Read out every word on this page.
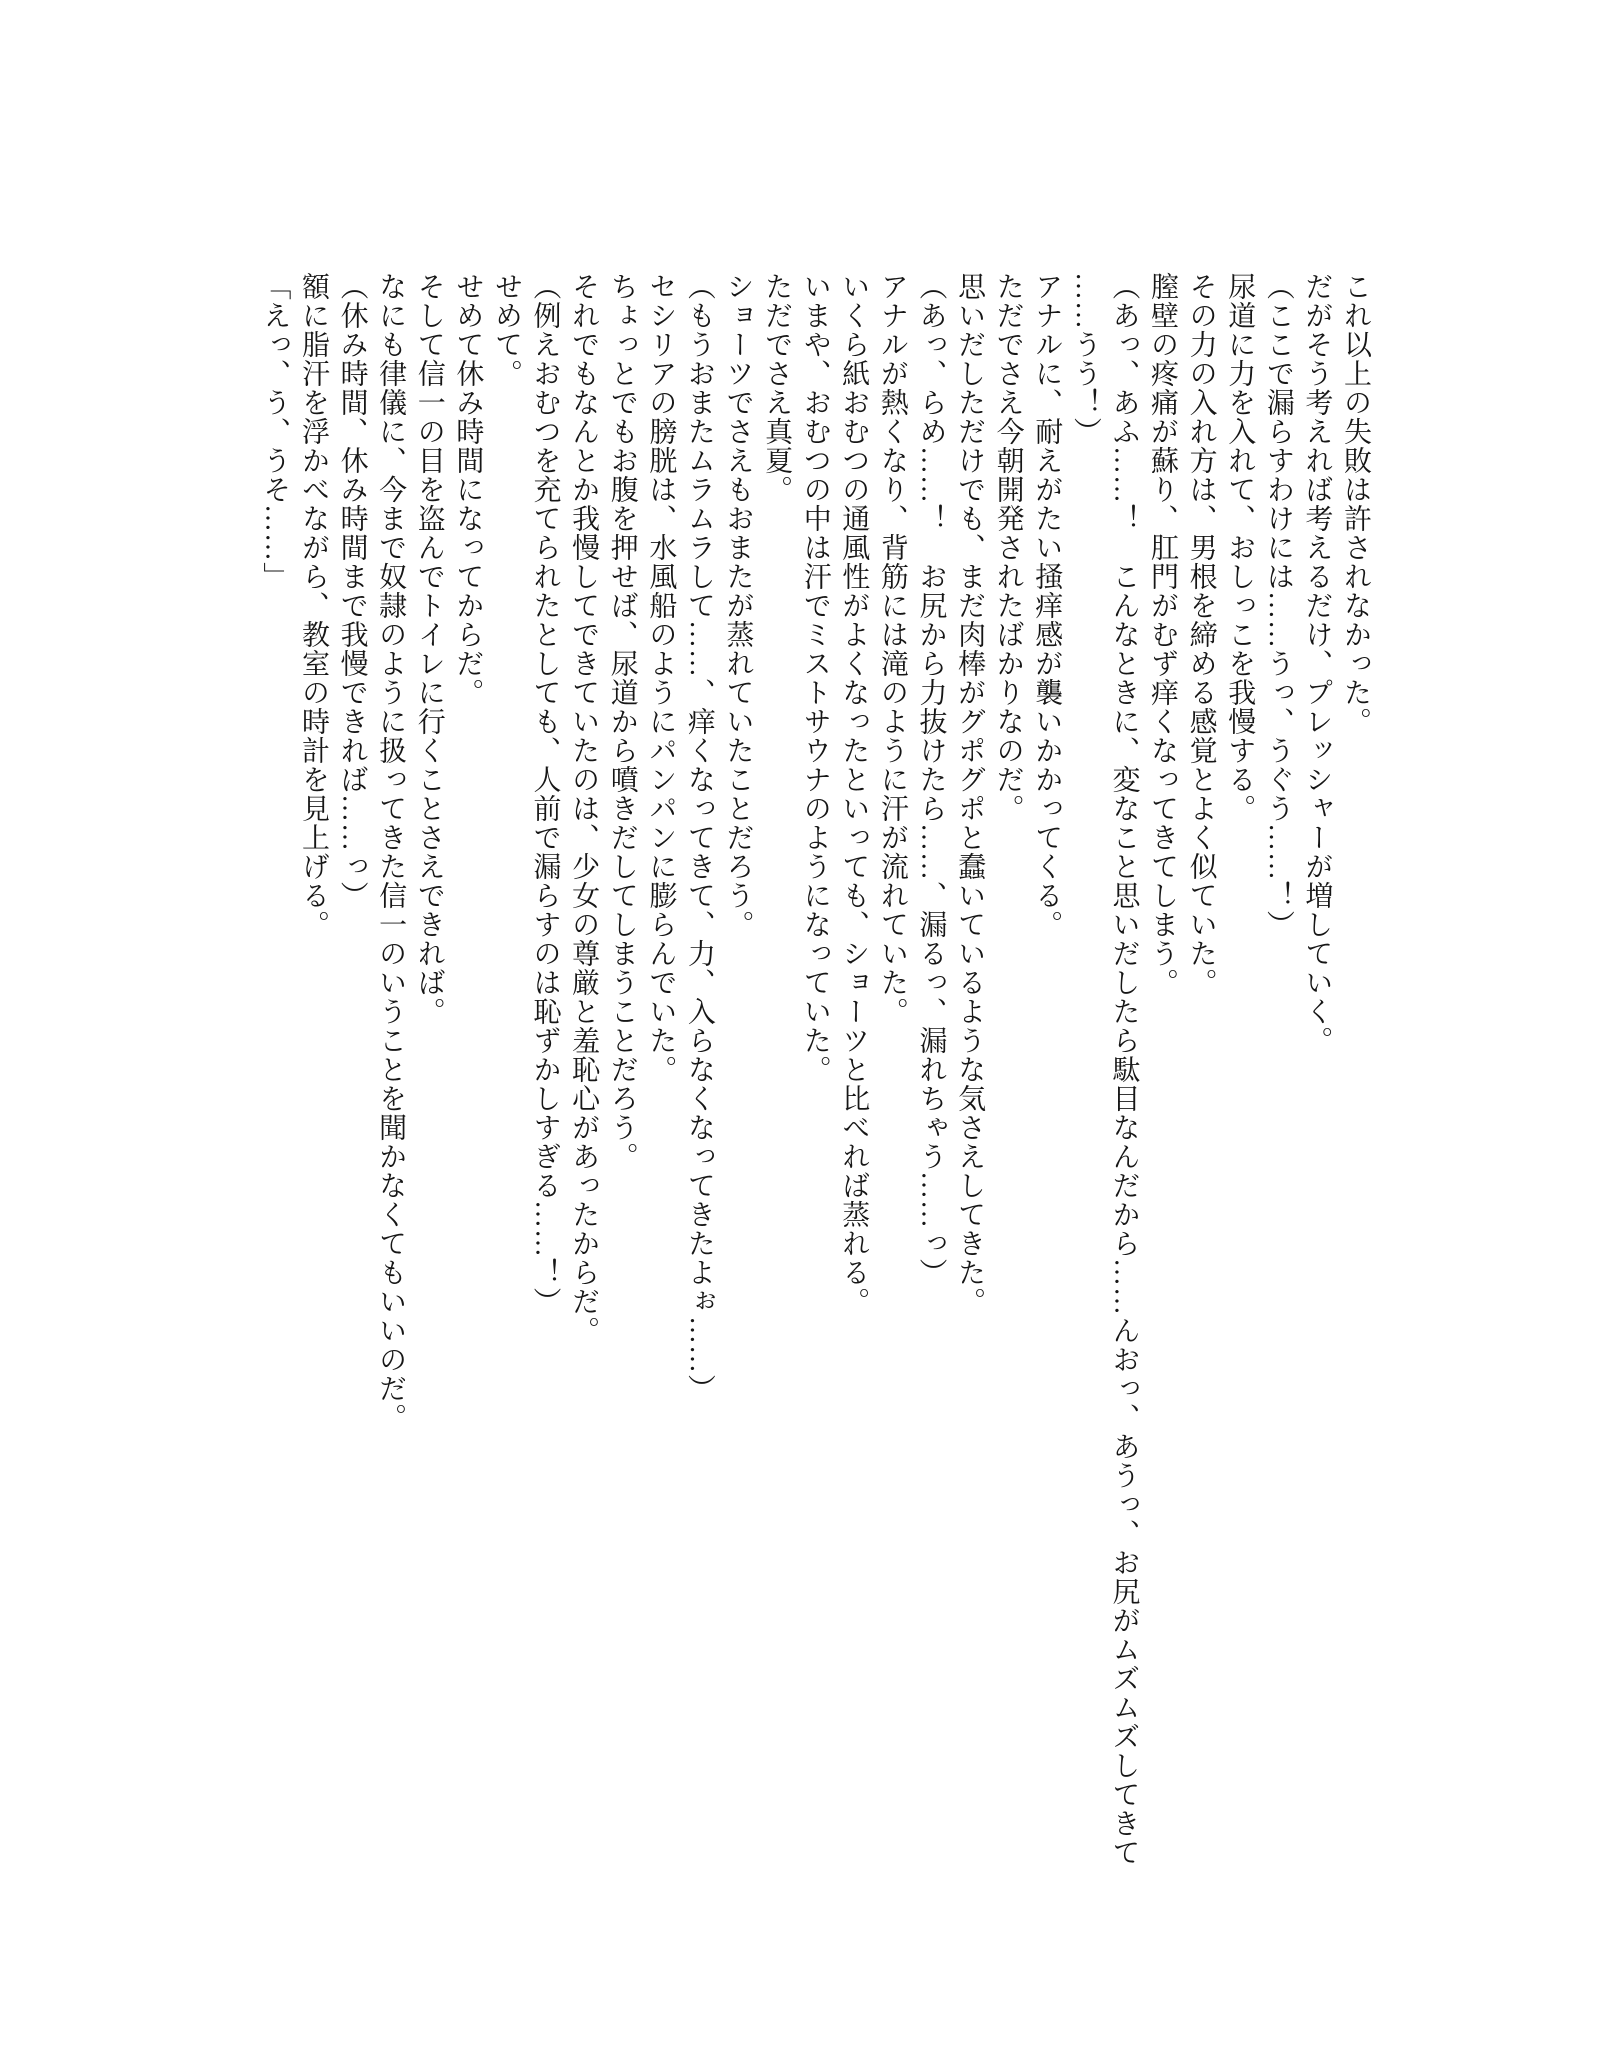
これ以上の失敗は許されなかった。
だがそう考えれば考えるだけ、プレッシャーが増していく。
（ここで漏らすわけには……うっ、うぐう……！）
尿道に力を入れて、おしっこを我慢する。
その力の入れ方は、男根を締める感覚とよく似ていた。
膣壁の疼痛が蘇り、肛門がむず痒くなってきてしまう。
（あっ、あふ……！　こんなときに、変なこと思いだしたら駄目なんだから……んおっ、あうっ、お尻がムズムズしてきて
……うう！）
アナルに、耐えがたい掻痒感が襲いかかってくる。
ただでさえ今朝開発されたばかりなのだ。
思いだしただけでも、まだ肉棒がグポグポと蠢いているような気さえしてきた。
（あっ、らめ……！　お尻から力抜けたら……、漏るっ、漏れちゃう……っ）
アナルが熱くなり、背筋には滝のように汗が流れていた。
いくら紙おむつの通風性がよくなったといっても、ショーツと比べれば蒸れる。
いまや、おむつの中は汗でミストサウナのようになっていた。
ただでさえ真夏。
ショーツでさえもおまたが蒸れていたことだろう。
（もうおまたムラムラして……、痒くなってきて、力、入らなくなってきたよぉ……）
セシリアの膀胱は、水風船のようにパンパンに膨らんでいた。
ちょっとでもお腹を押せば、尿道から噴きだしてしまうことだろう。
それでもなんとか我慢してできていたのは、少女の尊厳と羞恥心があったからだ。
（例えおむつを充てられたとしても、人前で漏らすのは恥ずかしすぎる……！）
せめて。
せめて休み時間になってからだ。
そして信一の目を盗んでトイレに行くことさえできれば。
なにも律儀に、今まで奴隷のように扱ってきた信一のいうことを聞かなくてもいいのだ。
（休み時間、休み時間まで我慢できれば……っ）
額に脂汗を浮かべながら、教室の時計を見上げる。
「えっ、う、うそ……」
